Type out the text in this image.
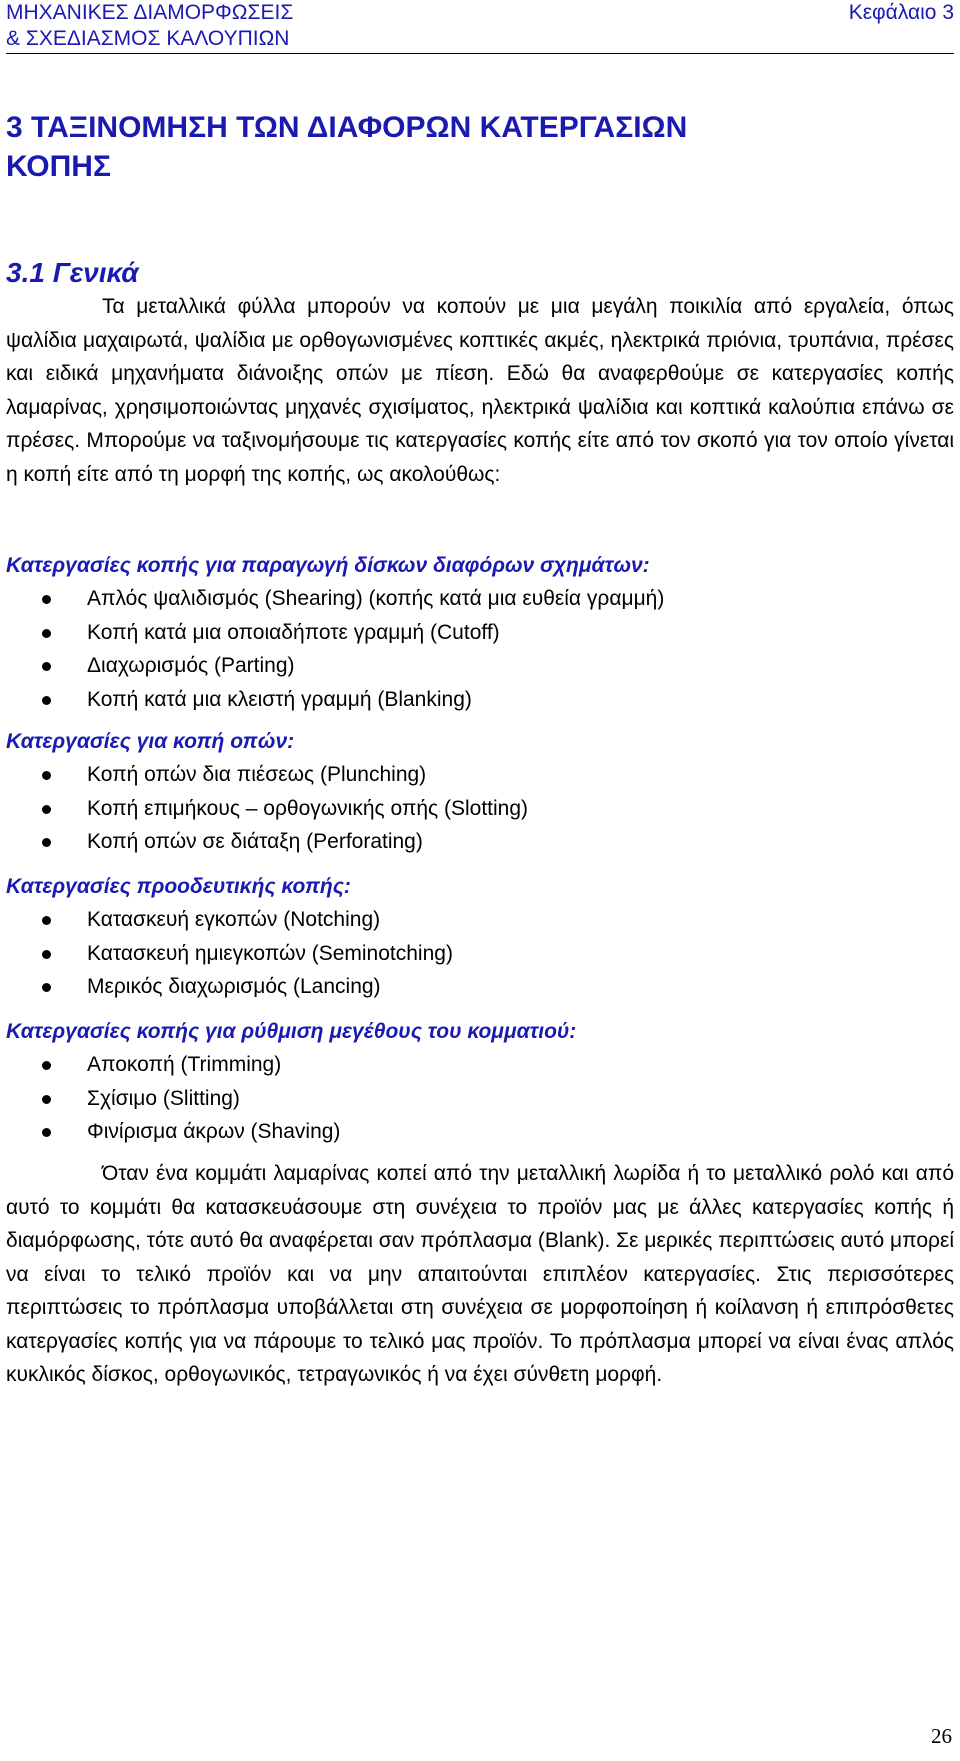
ΜΗΧΑΝΙΚΕΣ ΔΙΑΜΟΡΦΩΣΕΙΣ
& ΣΧΕΔΙΑΣΜΟΣ ΚΑΛΟΥΠΙΩΝ
Κεφάλαιο 3
3 ΤΑΞΙΝΟΜΗΣΗ ΤΩΝ ΔΙΑΦΟΡΩΝ ΚΑΤΕΡΓΑΣΙΩΝ
ΚΟΠΗΣ
3.1 Γενικά

Τα μεταλλικά φύλλα μπορούν να κοπούν με μια μεγάλη ποικιλία από εργαλεία, όπως ψαλίδια μαχαιρωτά, ψαλίδια με ορθογωνισμένες κοπτικές ακμές, ηλεκτρικά πριόνια, τρυπάνια, πρέσες και ειδικά μηχανήματα διάνοιξης οπών με πίεση. Εδώ θα αναφερθούμε σε κατεργασίες κοπής λαμαρίνας, χρησιμοποιώντας μηχανές σχισίματος, ηλεκτρικά ψαλίδια και κοπτικά καλούπια επάνω σε πρέσες. Μπορούμε να ταξινομήσουμε τις κατεργασίες κοπής είτε από τον σκοπό για τον οποίο γίνεται η κοπή είτε από τη μορφή της κοπής, ως ακολούθως:

Κατεργασίες κοπής για παραγωγή δίσκων διαφόρων σχημάτων:

Απλός ψαλιδισμός (Shearing) (κοπής κατά μια ευθεία γραμμή)
Κοπή κατά μια οποιαδήποτε γραμμή (Cutoff)
Διαχωρισμός (Parting)
Κοπή κατά μια κλειστή γραμμή (Blanking)

Κατεργασίες για κοπή οπών:

Κοπή οπών δια πιέσεως (Plunching)
Κοπή επιμήκους – ορθογωνικής οπής (Slotting)
Κοπή οπών σε διάταξη (Perforating)

Κατεργασίες προοδευτικής κοπής:

Κατασκευή εγκοπών (Notching)
Κατασκευή ημιεγκοπών (Seminotching)
Μερικός διαχωρισμός (Lancing)

Κατεργασίες κοπής για ρύθμιση μεγέθους του κομματιού:

Αποκοπή (Trimming)
Σχίσιμο (Slitting)
Φινίρισμα άκρων (Shaving)

Όταν ένα κομμάτι λαμαρίνας κοπεί από την μεταλλική λωρίδα ή το μεταλλικό ρολό και από αυτό το κομμάτι θα κατασκευάσουμε στη συνέχεια το προϊόν μας με άλλες κατεργασίες κοπής ή διαμόρφωσης, τότε αυτό θα αναφέρεται σαν πρόπλασμα (Blank). Σε μερικές περιπτώσεις αυτό μπορεί να είναι το τελικό προϊόν και να μην απαιτούνται επιπλέον κατεργασίες. Στις περισσότερες περιπτώσεις το πρόπλασμα υποβάλλεται στη συνέχεια σε μορφοποίηση ή κοίλανση ή επιπρόσθετες κατεργασίες κοπής για να πάρουμε το τελικό μας προϊόν. Το πρόπλασμα μπορεί να είναι ένας απλός κυκλικός δίσκος, ορθογωνικός, τετραγωνικός ή να έχει σύνθετη μορφή.

26
